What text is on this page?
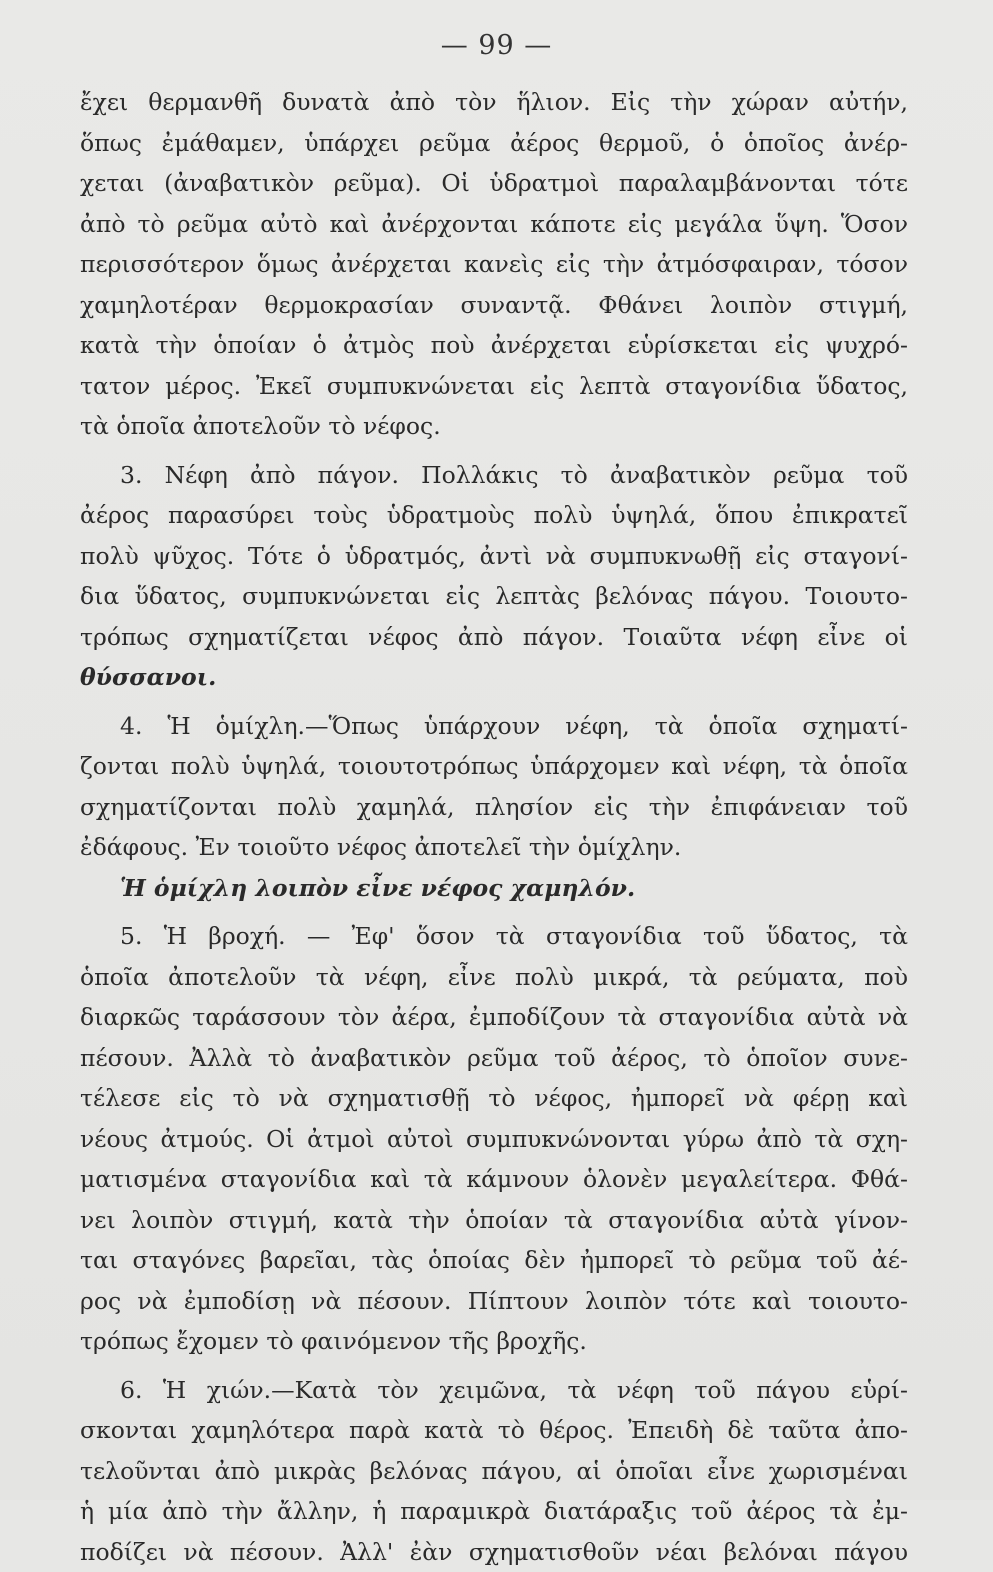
— 99 —
ἔχει θερμανθῆ δυνατὰ ἀπὸ τὸν ἥλιον. Εἰς τὴν χώραν αὐτήν,
ὅπως ἐμάθαμεν, ὑπάρχει ρεῦμα ἀέρος θερμοῦ, ὁ ὁποῖος ἀνέρ-
χεται (ἀναβατικὸν ρεῦμα). Οἱ ὑδρατμοὶ παραλαμβάνονται τότε
ἀπὸ τὸ ρεῦμα αὐτὸ καὶ ἀνέρχονται κάποτε εἰς μεγάλα ὕψη. Ὅσον
περισσότερον ὅμως ἀνέρχεται κανεὶς εἰς τὴν ἀτμόσφαιραν, τόσον
χαμηλοτέραν θερμοκρασίαν συναντᾷ. Φθάνει λοιπὸν στιγμή,
κατὰ τὴν ὁποίαν ὁ ἀτμὸς ποὺ ἀνέρχεται εὑρίσκεται εἰς ψυχρό-
τατον μέρος. Ἐκεῖ συμπυκνώνεται εἰς λεπτὰ σταγονίδια ὕδατος,
τὰ ὁποῖα ἀποτελοῦν τὸ νέφος.
3. Νέφη ἀπὸ πάγον. Πολλάκις τὸ ἀναβατικὸν ρεῦμα τοῦ
ἀέρος παρασύρει τοὺς ὑδρατμοὺς πολὺ ὑψηλά, ὅπου ἐπικρατεῖ
πολὺ ψῦχος. Τότε ὁ ὑδρατμός, ἀντὶ νὰ συμπυκνωθῇ εἰς σταγονί-
δια ὕδατος, συμπυκνώνεται εἰς λεπτὰς βελόνας πάγου. Τοιουτο-
τρόπως σχηματίζεται νέφος ἀπὸ πάγον. Τοιαῦτα νέφη εἶνε οἱ
θύσσανοι.
4. Ἡ ὁμίχλη.—Ὅπως ὑπάρχουν νέφη, τὰ ὁποῖα σχηματί-
ζονται πολὺ ὑψηλά, τοιουτοτρόπως ὑπάρχομεν καὶ νέφη, τὰ ὁποῖα
σχηματίζονται πολὺ χαμηλά, πλησίον εἰς τὴν ἐπιφάνειαν τοῦ
ἐδάφους. Ἐν τοιοῦτο νέφος ἀποτελεῖ τὴν ὁμίχλην.
Ἡ ὁμίχλη λοιπὸν εἶνε νέφος χαμηλόν.
5. Ἡ βροχή. — Ἐφ' ὅσον τὰ σταγονίδια τοῦ ὕδατος, τὰ
ὁποῖα ἀποτελοῦν τὰ νέφη, εἶνε πολὺ μικρά, τὰ ρεύματα, ποὺ
διαρκῶς ταράσσουν τὸν ἀέρα, ἐμποδίζουν τὰ σταγονίδια αὐτὰ νὰ
πέσουν. Ἀλλὰ τὸ ἀναβατικὸν ρεῦμα τοῦ ἀέρος, τὸ ὁποῖον συνε-
τέλεσε εἰς τὸ νὰ σχηματισθῇ τὸ νέφος, ἠμπορεῖ νὰ φέρῃ καὶ
νέους ἀτμούς. Οἱ ἀτμοὶ αὐτοὶ συμπυκνώνονται γύρω ἀπὸ τὰ σχη-
ματισμένα σταγονίδια καὶ τὰ κάμνουν ὁλονὲν μεγαλείτερα. Φθά-
νει λοιπὸν στιγμή, κατὰ τὴν ὁποίαν τὰ σταγονίδια αὐτὰ γίνον-
ται σταγόνες βαρεῖαι, τὰς ὁποίας δὲν ἠμπορεῖ τὸ ρεῦμα τοῦ ἀέ-
ρος νὰ ἐμποδίσῃ νὰ πέσουν. Πίπτουν λοιπὸν τότε καὶ τοιουτο-
τρόπως ἔχομεν τὸ φαινόμενον τῆς βροχῆς.
6. Ἡ χιών.—Κατὰ τὸν χειμῶνα, τὰ νέφη τοῦ πάγου εὑρί-
σκονται χαμηλότερα παρὰ κατὰ τὸ θέρος. Ἐπειδὴ δὲ ταῦτα ἀπο-
τελοῦνται ἀπὸ μικρὰς βελόνας πάγου, αἱ ὁποῖαι εἶνε χωρισμέναι
ἡ μία ἀπὸ τὴν ἄλλην, ἡ παραμικρὰ διατάραξις τοῦ ἀέρος τὰ ἐμ-
ποδίζει νὰ πέσουν. Ἀλλ' ἐὰν σχηματισθοῦν νέαι βελόναι πάγου
